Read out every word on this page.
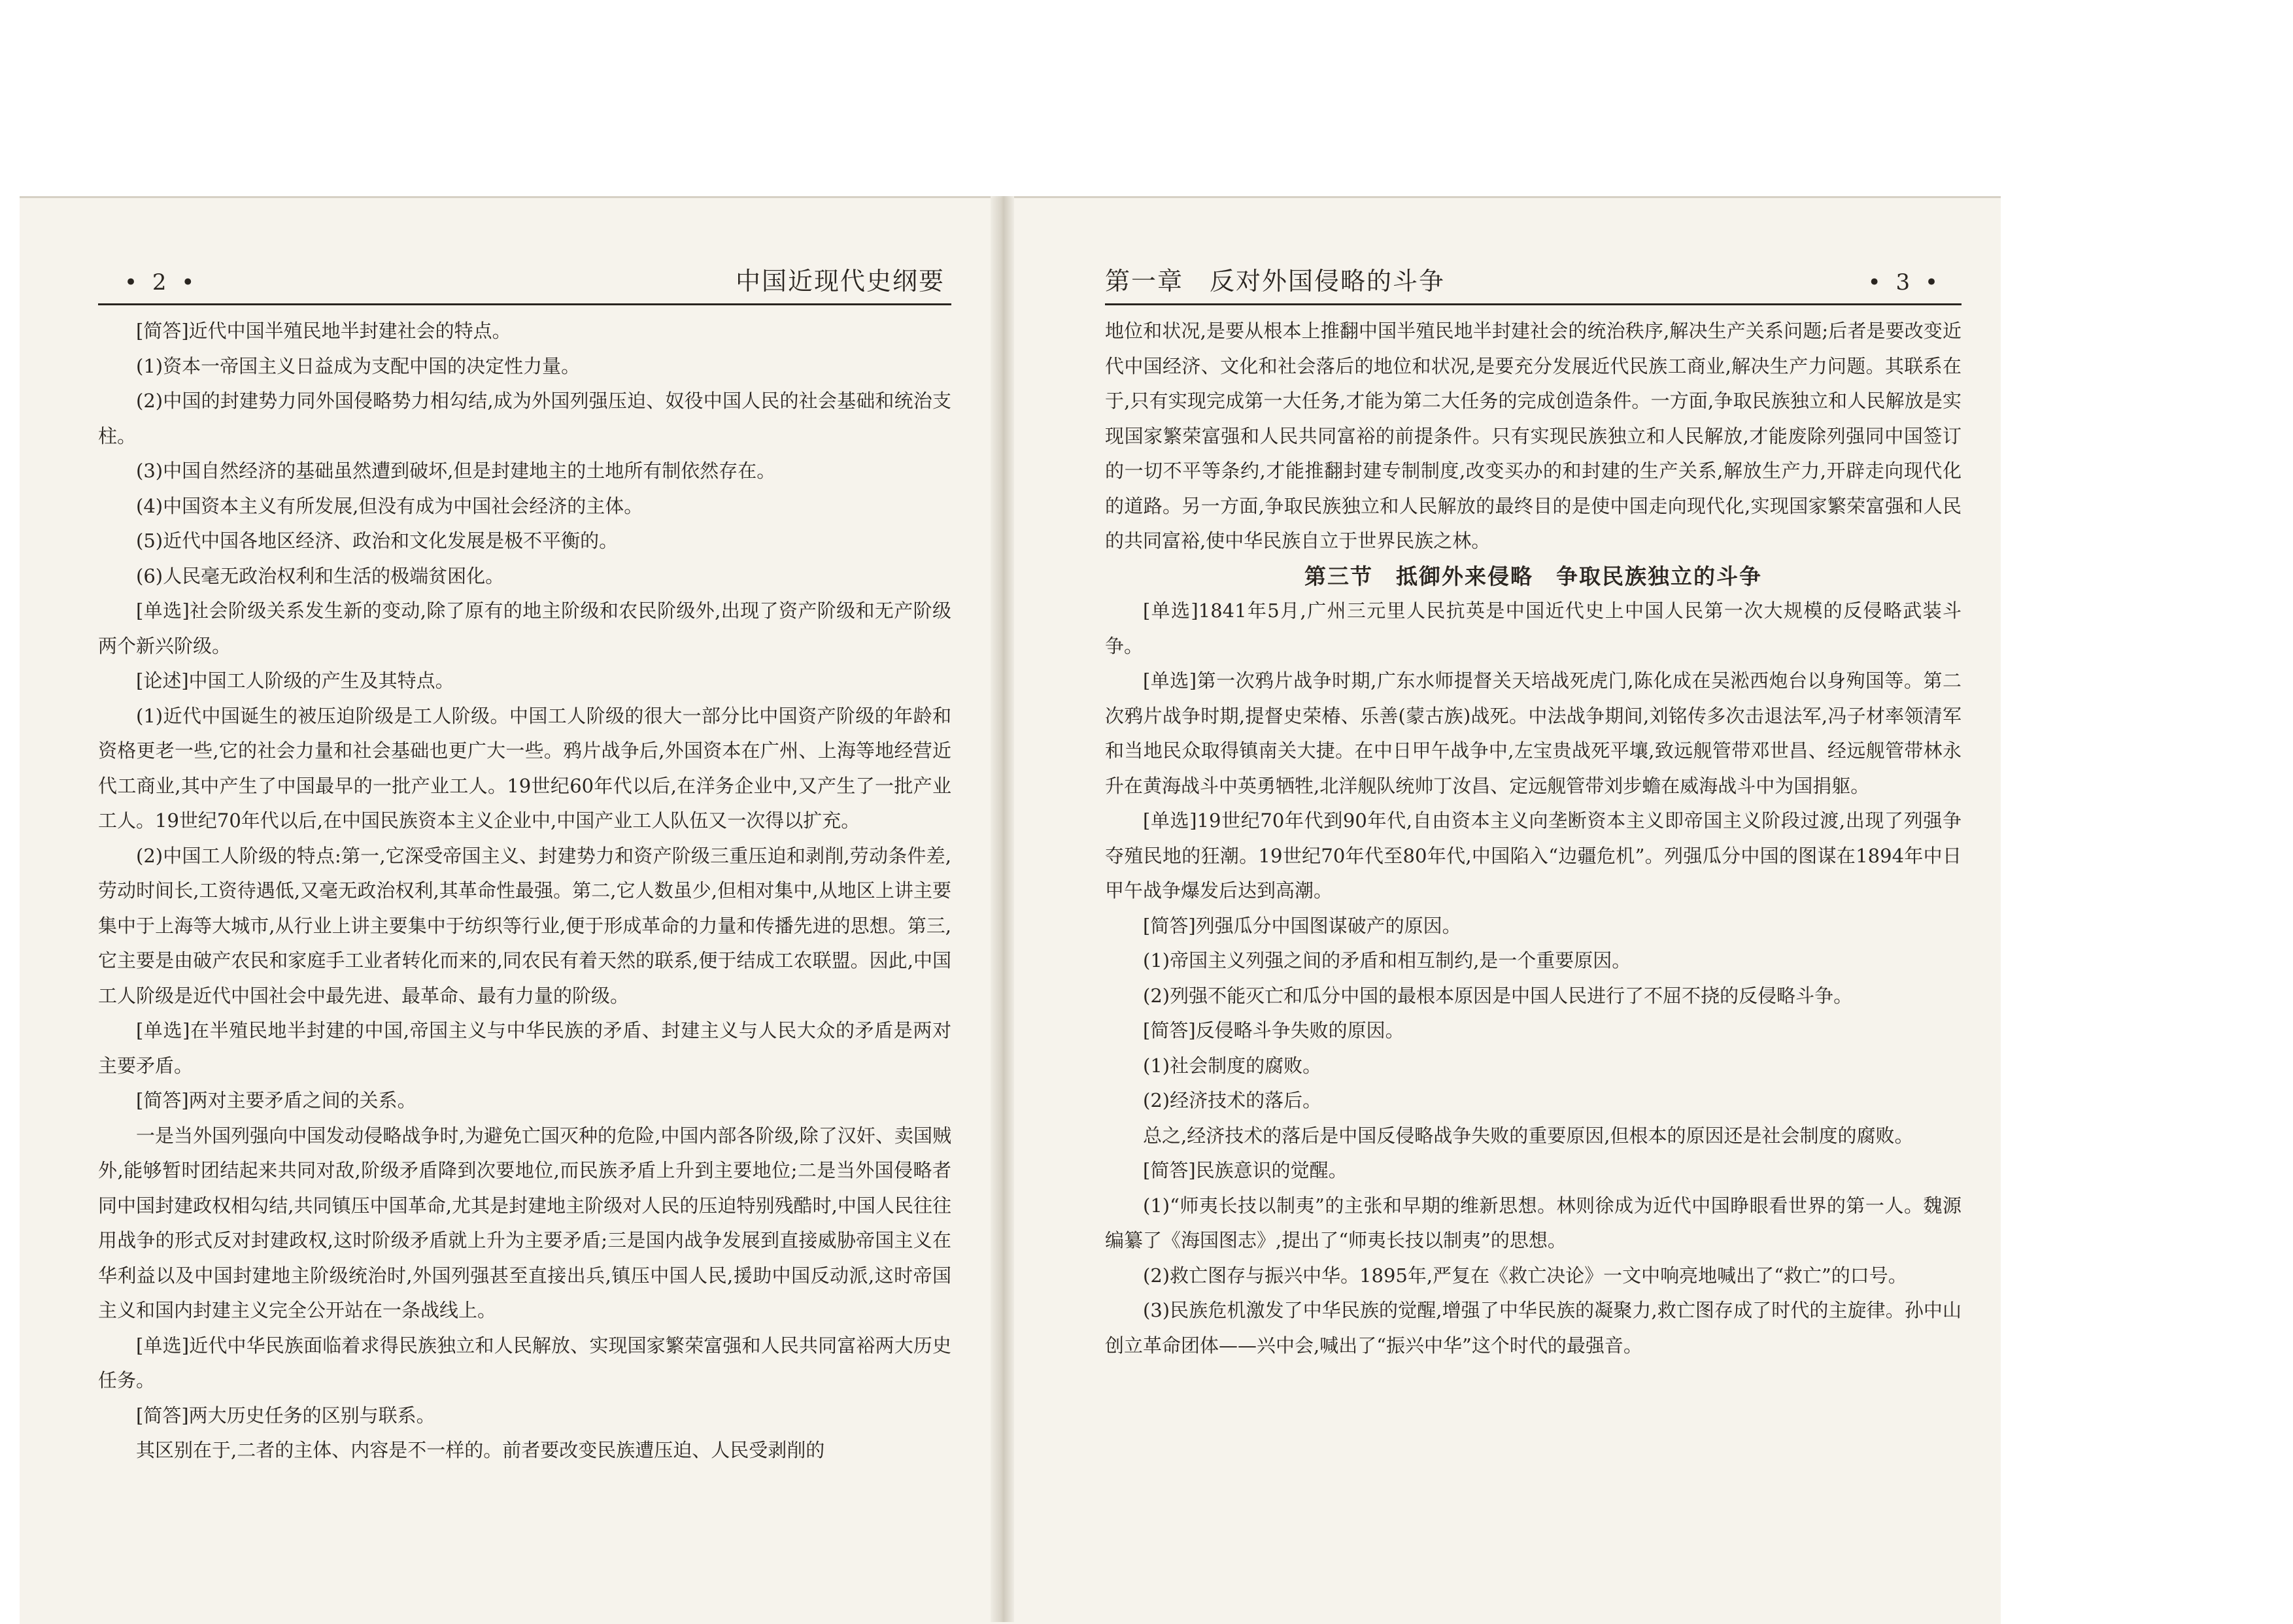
• 2 •	中国近现代史纲要

[简答]近代中国半殖民地半封建社会的特点。

(1)资本一帝国主义日益成为支配中国的决定性力量。

(2)中国的封建势力同外国侵略势力相勾结,成为外国列强压迫、奴役中国人民的社会基础和统治支柱。

(3)中国自然经济的基础虽然遭到破坏,但是封建地主的土地所有制依然存在。

(4)中国资本主义有所发展,但没有成为中国社会经济的主体。

(5)近代中国各地区经济、政治和文化发展是极不平衡的。

(6)人民毫无政治权利和生活的极端贫困化。

[单选]社会阶级关系发生新的变动,除了原有的地主阶级和农民阶级外,出现了资产阶级和无产阶级两个新兴阶级。

[论述]中国工人阶级的产生及其特点。

(1)近代中国诞生的被压迫阶级是工人阶级。中国工人阶级的很大一部分比中国资产阶级的年龄和资格更老一些,它的社会力量和社会基础也更广大一些。鸦片战争后,外国资本在广州、上海等地经营近代工商业,其中产生了中国最早的一批产业工人。19世纪60年代以后,在洋务企业中,又产生了一批产业工人。19世纪70年代以后,在中国民族资本主义企业中,中国产业工人队伍又一次得以扩充。

(2)中国工人阶级的特点:第一,它深受帝国主义、封建势力和资产阶级三重压迫和剥削,劳动条件差,劳动时间长,工资待遇低,又毫无政治权利,其革命性最强。第二,它人数虽少,但相对集中,从地区上讲主要集中于上海等大城市,从行业上讲主要集中于纺织等行业,便于形成革命的力量和传播先进的思想。第三,它主要是由破产农民和家庭手工业者转化而来的,同农民有着天然的联系,便于结成工农联盟。因此,中国工人阶级是近代中国社会中最先进、最革命、最有力量的阶级。

[单选]在半殖民地半封建的中国,帝国主义与中华民族的矛盾、封建主义与人民大众的矛盾是两对主要矛盾。

[简答]两对主要矛盾之间的关系。

一是当外国列强向中国发动侵略战争时,为避免亡国灭种的危险,中国内部各阶级,除了汉奸、卖国贼外,能够暂时团结起来共同对敌,阶级矛盾降到次要地位,而民族矛盾上升到主要地位;二是当外国侵略者同中国封建政权相勾结,共同镇压中国革命,尤其是封建地主阶级对人民的压迫特别残酷时,中国人民往往用战争的形式反对封建政权,这时阶级矛盾就上升为主要矛盾;三是国内战争发展到直接威胁帝国主义在华利益以及中国封建地主阶级统治时,外国列强甚至直接出兵,镇压中国人民,援助中国反动派,这时帝国主义和国内封建主义完全公开站在一条战线上。

[单选]近代中华民族面临着求得民族独立和人民解放、实现国家繁荣富强和人民共同富裕两大历史任务。

[简答]两大历史任务的区别与联系。

其区别在于,二者的主体、内容是不一样的。前者要改变民族遭压迫、人民受剥削的

第一章　反对外国侵略的斗争	• 3 •

地位和状况,是要从根本上推翻中国半殖民地半封建社会的统治秩序,解决生产关系问题;后者是要改变近代中国经济、文化和社会落后的地位和状况,是要充分发展近代民族工商业,解决生产力问题。其联系在于,只有实现完成第一大任务,才能为第二大任务的完成创造条件。一方面,争取民族独立和人民解放是实现国家繁荣富强和人民共同富裕的前提条件。只有实现民族独立和人民解放,才能废除列强同中国签订的一切不平等条约,才能推翻封建专制制度,改变买办的和封建的生产关系,解放生产力,开辟走向现代化的道路。另一方面,争取民族独立和人民解放的最终目的是使中国走向现代化,实现国家繁荣富强和人民的共同富裕,使中华民族自立于世界民族之林。

第三节　抵御外来侵略　争取民族独立的斗争

[单选]1841年5月,广州三元里人民抗英是中国近代史上中国人民第一次大规模的反侵略武装斗争。

[单选]第一次鸦片战争时期,广东水师提督关天培战死虎门,陈化成在吴淞西炮台以身殉国等。第二次鸦片战争时期,提督史荣椿、乐善(蒙古族)战死。中法战争期间,刘铭传多次击退法军,冯子材率领清军和当地民众取得镇南关大捷。在中日甲午战争中,左宝贵战死平壤,致远舰管带邓世昌、经远舰管带林永升在黄海战斗中英勇牺牲,北洋舰队统帅丁汝昌、定远舰管带刘步蟾在威海战斗中为国捐躯。

[单选]19世纪70年代到90年代,自由资本主义向垄断资本主义即帝国主义阶段过渡,出现了列强争夺殖民地的狂潮。19世纪70年代至80年代,中国陷入“边疆危机”。列强瓜分中国的图谋在1894年中日甲午战争爆发后达到高潮。

[简答]列强瓜分中国图谋破产的原因。

(1)帝国主义列强之间的矛盾和相互制约,是一个重要原因。

(2)列强不能灭亡和瓜分中国的最根本原因是中国人民进行了不屈不挠的反侵略斗争。

[简答]反侵略斗争失败的原因。

(1)社会制度的腐败。

(2)经济技术的落后。

总之,经济技术的落后是中国反侵略战争失败的重要原因,但根本的原因还是社会制度的腐败。

[简答]民族意识的觉醒。

(1)“师夷长技以制夷”的主张和早期的维新思想。林则徐成为近代中国睁眼看世界的第一人。魏源编纂了《海国图志》,提出了“师夷长技以制夷”的思想。

(2)救亡图存与振兴中华。1895年,严复在《救亡决论》一文中响亮地喊出了“救亡”的口号。

(3)民族危机激发了中华民族的觉醒,增强了中华民族的凝聚力,救亡图存成了时代的主旋律。孙中山创立革命团体——兴中会,喊出了“振兴中华”这个时代的最强音。
